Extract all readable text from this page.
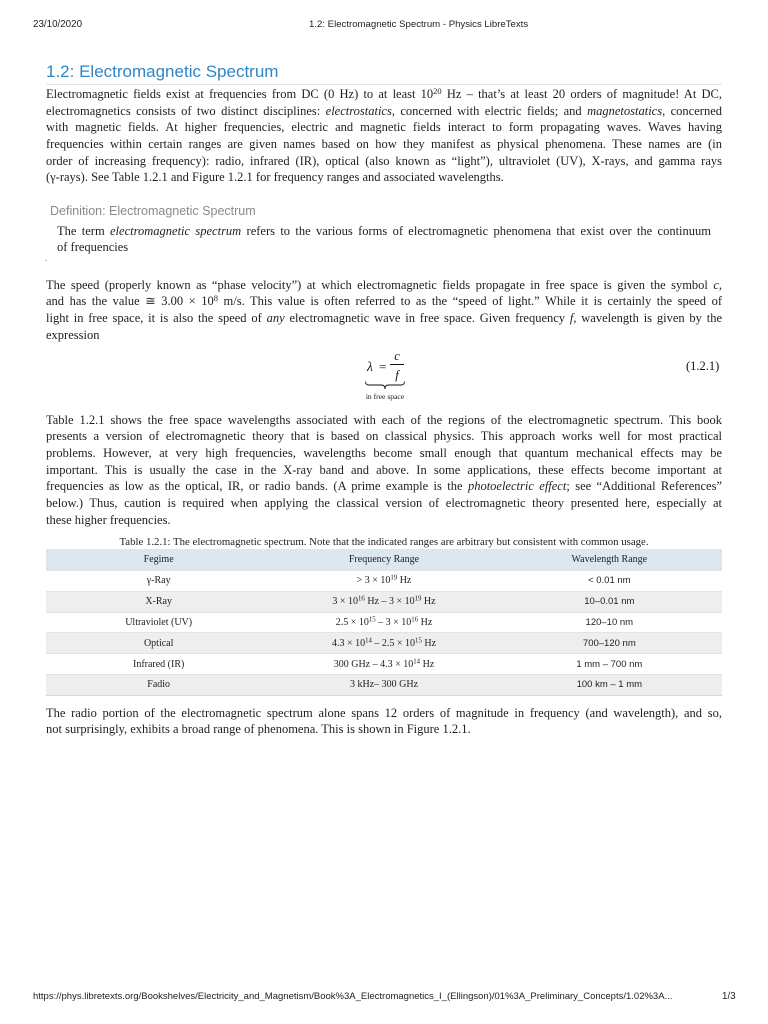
23/10/2020	1.2: Electromagnetic Spectrum - Physics LibreTexts
1.2: Electromagnetic Spectrum
Electromagnetic fields exist at frequencies from DC (0 Hz) to at least $10^{20}$ Hz – that’s at least 20 orders of magnitude! At DC,
electromagnetics consists of two distinct disciplines: electrostatics, concerned with electric fields; and magnetostatics, concerned
with magnetic fields. At higher frequencies, electric and magnetic fields interact to form propagating waves. Waves having
frequencies within certain ranges are given names based on how they manifest as physical phenomena. These names are (in
order of increasing frequency): radio, infrared (IR), optical (also known as “light”), ultraviolet (UV), X-rays, and gamma rays
(γ-rays). See Table 1.2.1 and Figure 1.2.1 for frequency ranges and associated wavelengths.
Definition: Electromagnetic Spectrum
The term electromagnetic spectrum refers to the various forms of electromagnetic phenomena that exist over the continuum
of frequencies
.
The speed (properly known as “phase velocity”) at which electromagnetic fields propagate in free space is given the symbol c,
and has the value ≅ $3.00 \times 10^8$ m/s. This value is often referred to as the “speed of light.” While it is certainly the speed of
light in free space, it is also the speed of any electromagnetic wave in free space. Given frequency f, wavelength is given by the
expression
λ =
c
f
in free space
(1.2.1)
Table 1.2.1 shows the free space wavelengths associated with each of the regions of the electromagnetic spectrum. This book
presents a version of electromagnetic theory that is based on classical physics. This approach works well for most practical
problems. However, at very high frequencies, wavelengths become small enough that quantum mechanical effects may be
important. This is usually the case in the X-ray band and above. In some applications, these effects become important at
frequencies as low as the optical, IR, or radio bands. (A prime example is the photoelectric effect; see “Additional References”
below.) Thus, caution is required when applying the classical version of electromagnetic theory presented here, especially at
these higher frequencies.
Table 1.2.1: The electromagnetic spectrum. Note that the indicated ranges are arbitrary but consistent with common usage.
Fegime	Frequency Range	Wavelength Range
γ-Ray	> $3 \times 10^{19}$ Hz	< 0.01 nm
X-Ray	$3 \times 10^{16}$ $Hz - 3 \times 10^{19}$ Hz	10–0.01 nm
Ultraviolet (UV)	$2.5 \times 10^{15} - 3 \times 10^{16}$ Hz	120–10 nm
Optical	$4.3 \times 10^{14} - 2.5 \times 10^{15}$ Hz	700–120 nm
Infrared (IR)	300 GHz – $4.3 \times 10^{14}$ Hz	1 mm – 700 nm
Fadio	3 kHz– 300 GHz	100 km – 1 mm
The radio portion of the electromagnetic spectrum alone spans 12 orders of magnitude in frequency (and wavelength), and so,
not surprisingly, exhibits a broad range of phenomena. This is shown in Figure 1.2.1.
https://phys.libretexts.org/Bookshelves/Electricity_and_Magnetism/Book%3A_Electromagnetics_I_(Ellingson)/01%3A_Preliminary_Concepts/1.02%3A...	1/3
